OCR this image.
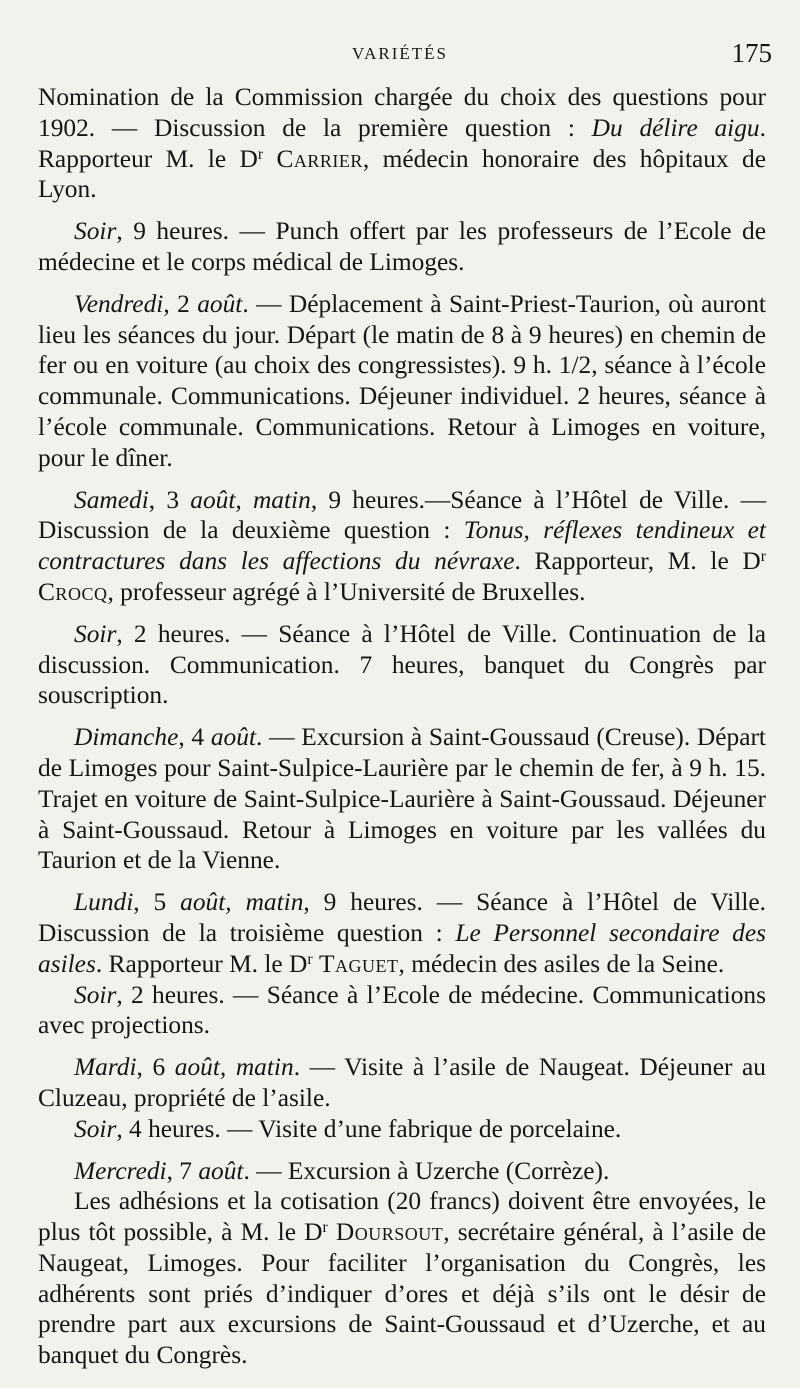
VARIÉTÉS	175

Nomination de la Commission chargée du choix des questions pour 1902. — Discussion de la première question : Du délire aigu. Rapporteur M. le $D^r$ Carrier, médecin honoraire des hôpitaux de Lyon.

Soir, 9 heures. — Punch offert par les professeurs de l’Ecole de médecine et le corps médical de Limoges.

Vendredi, 2 août. — Déplacement à Saint-Priest-Taurion, où auront lieu les séances du jour. Départ (le matin de 8 à 9 heures) en chemin de fer ou en voiture (au choix des congressistes). 9 h. 1/2, séance à l’école communale. Communications. Déjeuner individuel. 2 heures, séance à l’école communale. Communications. Retour à Limoges en voiture, pour le dîner.

Samedi, 3 août, matin, 9 heures.—Séance à l’Hôtel de Ville. — Discussion de la deuxième question : Tonus, réflexes tendineux et contractures dans les affections du névraxe. Rapporteur, M. le $D^r$ Crocq, professeur agrégé à l’Université de Bruxelles.

Soir, 2 heures. — Séance à l’Hôtel de Ville. Continuation de la discussion. Communication. 7 heures, banquet du Congrès par souscription.

Dimanche, 4 août. — Excursion à Saint-Goussaud (Creuse). Départ de Limoges pour Saint-Sulpice-Laurière par le chemin de fer, à 9 h. 15. Trajet en voiture de Saint-Sulpice-Laurière à Saint-Goussaud. Déjeuner à Saint-Goussaud. Retour à Limoges en voiture par les vallées du Taurion et de la Vienne.

Lundi, 5 août, matin, 9 heures. — Séance à l’Hôtel de Ville. Discussion de la troisième question : Le Personnel secondaire des asiles. Rapporteur M. le $D^r$ Taguet, médecin des asiles de la Seine.

Soir, 2 heures. — Séance à l’Ecole de médecine. Communications avec projections.

Mardi, 6 août, matin. — Visite à l’asile de Naugeat. Déjeuner au Cluzeau, propriété de l’asile.

Soir, 4 heures. — Visite d’une fabrique de porcelaine.

Mercredi, 7 août. — Excursion à Uzerche (Corrèze).

Les adhésions et la cotisation (20 francs) doivent être envoyées, le plus tôt possible, à M. le $D^r$ Doursout, secrétaire général, à l’asile de Naugeat, Limoges. Pour faciliter l’organisation du Congrès, les adhérents sont priés d’indiquer d’ores et déjà s’ils ont le désir de prendre part aux excursions de Saint-Goussaud et d’Uzerche, et au banquet du Congrès.
